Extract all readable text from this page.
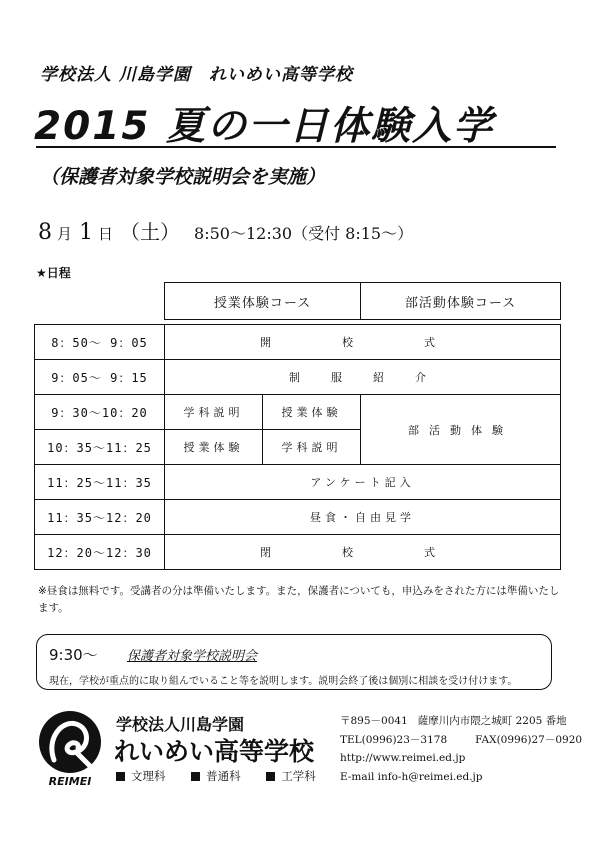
学校法人 川島学園　れいめい高等学校
2015 夏の一日体験入学
（保護者対象学校説明会を実施）
8 月 1 日 （土） 8:50〜12:30（受付 8:15〜）
★日程
	授業体験コース		部活動体験コース

8：50〜 9：05	開　校　式		
9：05〜 9：15	制　服　紹　介		
9：30〜10：20	学科説明	授業体験	部活動体験
10：35〜11：25	授業体験	学科説明	
11：25〜11：35	アンケート記入		
11：35〜12：20	昼食・自由見学		
12：20〜12：30	閉　校　式		
※昼食は無料です。受講者の分は準備いたします。また，保護者についても，申込みをされた方には準備いたします。
9:30〜 保護者対象学校説明会
現在，学校が重点的に取り組んでいること等を説明します。説明会終了後は個別に相談を受け付けます。
REIMEI
学校法人川島学園
れいめい高等学校
文理科	普通科	工学科
〒895－0041 薩摩川内市隈之城町 2205 番地
TEL(0996)23－3178	FAX(0996)27－0920
http://www.reimei.ed.jp
E-mail info-h@reimei.ed.jp
